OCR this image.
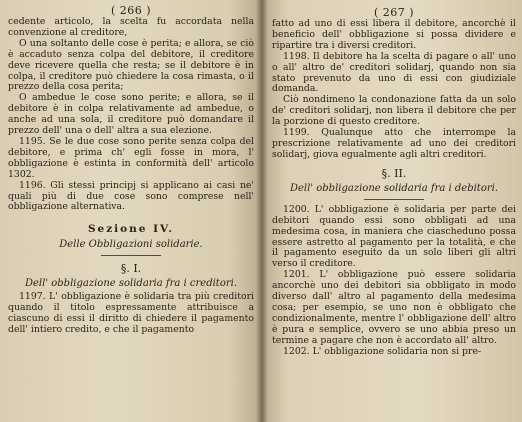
( 266 )

cedente articolo, la scelta fu accordata nella convenzione al creditore,

O una soltanto delle cose è perita; e allora, se ciò è accaduto senza colpa del debitore, il creditore deve ricevere quella che resta; se il debitore è in colpa, il creditore può chiedere la cosa rimasta, o il prezzo della cosa perita;

O ambedue le cose sono perite; e allora, se il debitore è in colpa relativamente ad ambedue, o anche ad una sola, il creditore può domandare il prezzo dell' una o dell' altra a sua elezione.

1195. Se le due cose sono perite senza colpa del debitore, e prima ch' egli fosse in mora, l' obbligazione è estinta in conformità dell' articolo 1302.

1196. Gli stessi principj si applicano ai casi ne' quali più di due cose sono comprese nell' obbligazione alternativa.

Sezione IV.
Delle Obbligazioni solidarie.
§. I.
Dell' obbligazione solidaria fra i creditori.

1197. L' obbligazione è solidaria tra più creditori quando il titolo espressamente attribuisce a ciascuno di essi il diritto di chiedere il pagamento dell' intiero credito, e che il pagamento

( 267 )

fatto ad uno di essi libera il debitore, ancorchè il beneficio dell' obbligazione si possa dividere e ripartire tra i diversi creditori.

1198. Il debitore ha la scelta di pagare o all' uno o all' altro de' creditori solidarj, quando non sia stato prevenuto da uno di essi con giudiziale domanda.

Ciò nondimeno la condonazione fatta da un solo de' creditori solidarj, non libera il debitore che per la porzione di questo creditore.

1199. Qualunque atto che interrompe la prescrizione relativamente ad uno dei creditori solidarj, giova egualmente agli altri creditori.

§. II.
Dell' obbligazione solidaria fra i debitori.

1200. L' obbligazione è solidaria per parte dei debitori quando essi sono obbligati ad una medesima cosa, in maniera che ciascheduno possa essere astretto al pagamento per la totalità, e che il pagamento eseguito da un solo liberi gli altri verso il creditore.

1201. L' obbligazione può essere solidaria ancorchè uno dei debitori sia obbligato in modo diverso dall' altro al pagamento della medesima cosa; per esempio, se uno non è obbligato che condizionalmente, mentre l' obbligazione dell' altro è pura e semplice, ovvero se uno abbia preso un termine a pagare che non è accordato all' altro.

1202. L' obbligazione solidaria non si pre-
